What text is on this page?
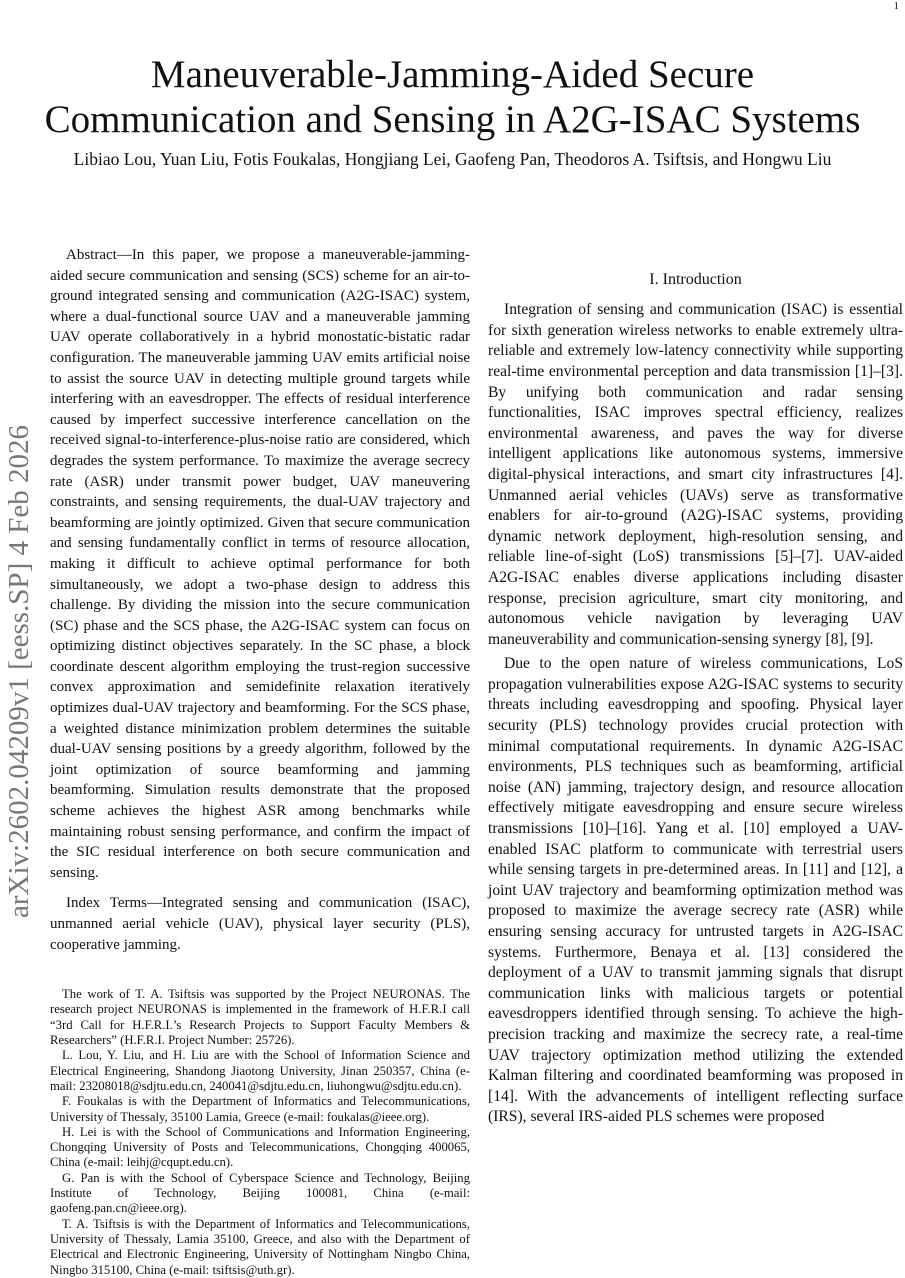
1
Maneuverable-Jamming-Aided Secure
Communication and Sensing in A2G-ISAC Systems
Libiao Lou, Yuan Liu, Fotis Foukalas, Hongjiang Lei, Gaofeng Pan, Theodoros A. Tsiftsis, and Hongwu Liu
arXiv:2602.04209v1 [eess.SP] 4 Feb 2026

Abstract—In this paper, we propose a maneuverable-jamming-aided secure communication and sensing (SCS) scheme for an air-to-ground integrated sensing and communication (A2G-ISAC) system, where a dual-functional source UAV and a maneuverable jamming UAV operate collaboratively in a hybrid monostatic-bistatic radar configuration. The maneuverable jamming UAV emits artificial noise to assist the source UAV in detecting multiple ground targets while interfering with an eavesdropper. The effects of residual interference caused by imperfect successive interference cancellation on the received signal-to-interference-plus-noise ratio are considered, which degrades the system performance. To maximize the average secrecy rate (ASR) under transmit power budget, UAV maneuvering constraints, and sensing requirements, the dual-UAV trajectory and beamforming are jointly optimized. Given that secure communication and sensing fundamentally conflict in terms of resource allocation, making it difficult to achieve optimal performance for both simultaneously, we adopt a two-phase design to address this challenge. By dividing the mission into the secure communication (SC) phase and the SCS phase, the A2G-ISAC system can focus on optimizing distinct objectives separately. In the SC phase, a block coordinate descent algorithm employing the trust-region successive convex approximation and semidefinite relaxation iteratively optimizes dual-UAV trajectory and beamforming. For the SCS phase, a weighted distance minimization problem determines the suitable dual-UAV sensing positions by a greedy algorithm, followed by the joint optimization of source beamforming and jamming beamforming. Simulation results demonstrate that the proposed scheme achieves the highest ASR among benchmarks while maintaining robust sensing performance, and confirm the impact of the SIC residual interference on both secure communication and sensing.

Index Terms—Integrated sensing and communication (ISAC), unmanned aerial vehicle (UAV), physical layer security (PLS), cooperative jamming.

The work of T. A. Tsiftsis was supported by the Project NEURONAS. The research project NEURONAS is implemented in the framework of H.F.R.I call “3rd Call for H.F.R.I.’s Research Projects to Support Faculty Members & Researchers” (H.F.R.I. Project Number: 25726).

L. Lou, Y. Liu, and H. Liu are with the School of Information Science and Electrical Engineering, Shandong Jiaotong University, Jinan 250357, China (e-mail: 23208018@sdjtu.edu.cn, 240041@sdjtu.edu.cn, liuhongwu@sdjtu.edu.cn).

F. Foukalas is with the Department of Informatics and Telecommunications, University of Thessaly, 35100 Lamia, Greece (e-mail: foukalas@ieee.org).

H. Lei is with the School of Communications and Information Engineering, Chongqing University of Posts and Telecommunications, Chongqing 400065, China (e-mail: leihj@cqupt.edu.cn).

G. Pan is with the School of Cyberspace Science and Technology, Beijing Institute of Technology, Beijing 100081, China (e-mail: gaofeng.pan.cn@ieee.org).

T. A. Tsiftsis is with the Department of Informatics and Telecommunications, University of Thessaly, Lamia 35100, Greece, and also with the Department of Electrical and Electronic Engineering, University of Nottingham Ningbo China, Ningbo 315100, China (e-mail: tsiftsis@uth.gr).

I. Introduction

Integration of sensing and communication (ISAC) is essential for sixth generation wireless networks to enable extremely ultra-reliable and extremely low-latency connectivity while supporting real-time environmental perception and data transmission [1]–[3]. By unifying both communication and radar sensing functionalities, ISAC improves spectral efficiency, realizes environmental awareness, and paves the way for diverse intelligent applications like autonomous systems, immersive digital-physical interactions, and smart city infrastructures [4]. Unmanned aerial vehicles (UAVs) serve as transformative enablers for air-to-ground (A2G)-ISAC systems, providing dynamic network deployment, high-resolution sensing, and reliable line-of-sight (LoS) transmissions [5]–[7]. UAV-aided A2G-ISAC enables diverse applications including disaster response, precision agriculture, smart city monitoring, and autonomous vehicle navigation by leveraging UAV maneuverability and communication-sensing synergy [8], [9].

Due to the open nature of wireless communications, LoS propagation vulnerabilities expose A2G-ISAC systems to security threats including eavesdropping and spoofing. Physical layer security (PLS) technology provides crucial protection with minimal computational requirements. In dynamic A2G-ISAC environments, PLS techniques such as beamforming, artificial noise (AN) jamming, trajectory design, and resource allocation effectively mitigate eavesdropping and ensure secure wireless transmissions [10]–[16]. Yang et al. [10] employed a UAV-enabled ISAC platform to communicate with terrestrial users while sensing targets in pre-determined areas. In [11] and [12], a joint UAV trajectory and beamforming optimization method was proposed to maximize the average secrecy rate (ASR) while ensuring sensing accuracy for untrusted targets in A2G-ISAC systems. Furthermore, Benaya et al. [13] considered the deployment of a UAV to transmit jamming signals that disrupt communication links with malicious targets or potential eavesdroppers identified through sensing. To achieve the high-precision tracking and maximize the secrecy rate, a real-time UAV trajectory optimization method utilizing the extended Kalman filtering and coordinated beamforming was proposed in [14]. With the advancements of intelligent reflecting surface (IRS), several IRS-aided PLS schemes were proposed
